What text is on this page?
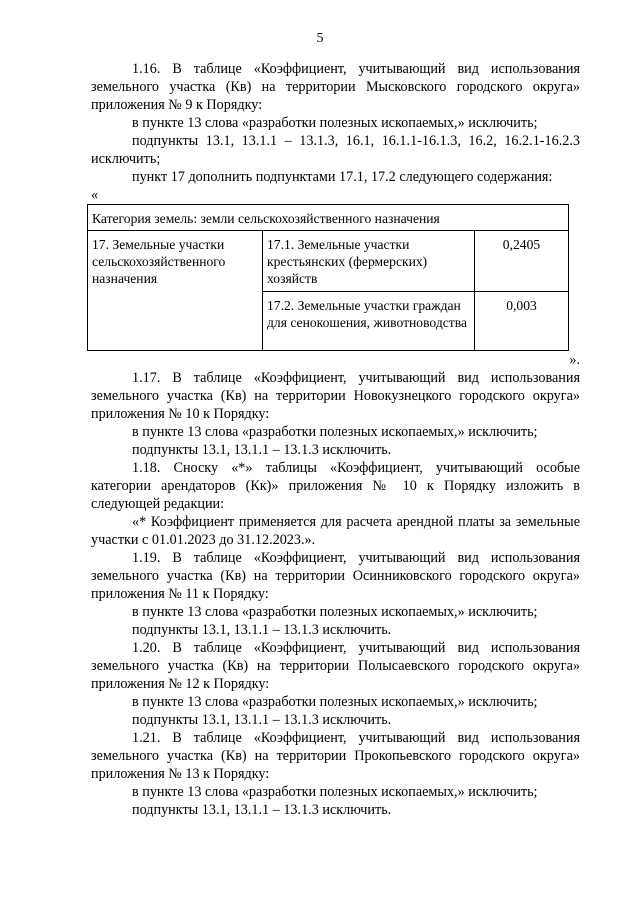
5

1.16. В таблице «Коэффициент, учитывающий вид использования земельного участка (Кв) на территории Мысковского городского округа» приложения № 9 к Порядку:

в пункте 13 слова «разработки полезных ископаемых,» исключить;

подпункты 13.1, 13.1.1 – 13.1.3, 16.1, 16.1.1-16.1.3, 16.2, 16.2.1-16.2.3 исключить;

пункт 17 дополнить подпунктами 17.1, 17.2 следующего содержания:

«

Категория земель: земли сельскохозяйственного назначения		
17. Земельные участки сельскохозяйственного назначения	17.1. Земельные участки крестьянских (фермерских) хозяйств	0,2405
	17.2. Земельные участки граждан для сенокошения, животноводства	0,003

».

1.17. В таблице «Коэффициент, учитывающий вид использования земельного участка (Кв) на территории Новокузнецкого городского округа» приложения № 10 к Порядку:

в пункте 13 слова «разработки полезных ископаемых,» исключить;

подпункты 13.1, 13.1.1 – 13.1.3 исключить.

1.18. Сноску «*» таблицы «Коэффициент, учитывающий особые категории арендаторов (Кк)» приложения № 10 к Порядку изложить в следующей редакции:

«* Коэффициент применяется для расчета арендной платы за земельные участки с 01.01.2023 до 31.12.2023.».

1.19. В таблице «Коэффициент, учитывающий вид использования земельного участка (Кв) на территории Осинниковского городского округа» приложения № 11 к Порядку:

в пункте 13 слова «разработки полезных ископаемых,» исключить;

подпункты 13.1, 13.1.1 – 13.1.3 исключить.

1.20. В таблице «Коэффициент, учитывающий вид использования земельного участка (Кв) на территории Полысаевского городского округа» приложения № 12 к Порядку:

в пункте 13 слова «разработки полезных ископаемых,» исключить;

подпункты 13.1, 13.1.1 – 13.1.3 исключить.

1.21. В таблице «Коэффициент, учитывающий вид использования земельного участка (Кв) на территории Прокопьевского городского округа» приложения № 13 к Порядку:

в пункте 13 слова «разработки полезных ископаемых,» исключить;

подпункты 13.1, 13.1.1 – 13.1.3 исключить.
